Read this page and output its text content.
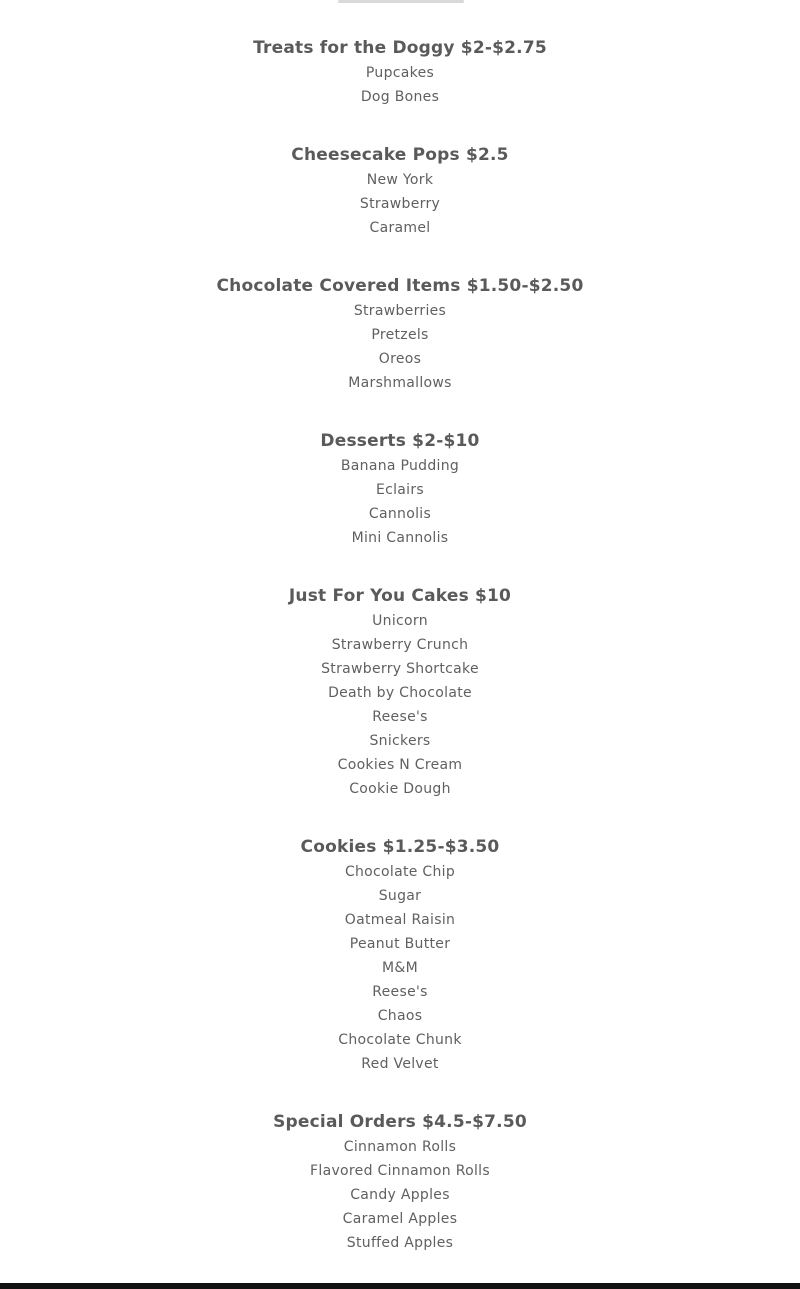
Treats for the Doggy $2-$2.75
Pupcakes
Dog Bones
Cheesecake Pops $2.5
New York
Strawberry
Caramel
Chocolate Covered Items $1.50-$2.50
Strawberries
Pretzels
Oreos
Marshmallows
Desserts $2-$10
Banana Pudding
Eclairs
Cannolis
Mini Cannolis
Just For You Cakes $10
Unicorn
Strawberry Crunch
Strawberry Shortcake
Death by Chocolate
Reese's
Snickers
Cookies N Cream
Cookie Dough
Cookies $1.25-$3.50
Chocolate Chip
Sugar
Oatmeal Raisin
Peanut Butter
M&M
Reese's
Chaos
Chocolate Chunk
Red Velvet
Special Orders $4.5-$7.50
Cinnamon Rolls
Flavored Cinnamon Rolls
Candy Apples
Caramel Apples
Stuffed Apples
